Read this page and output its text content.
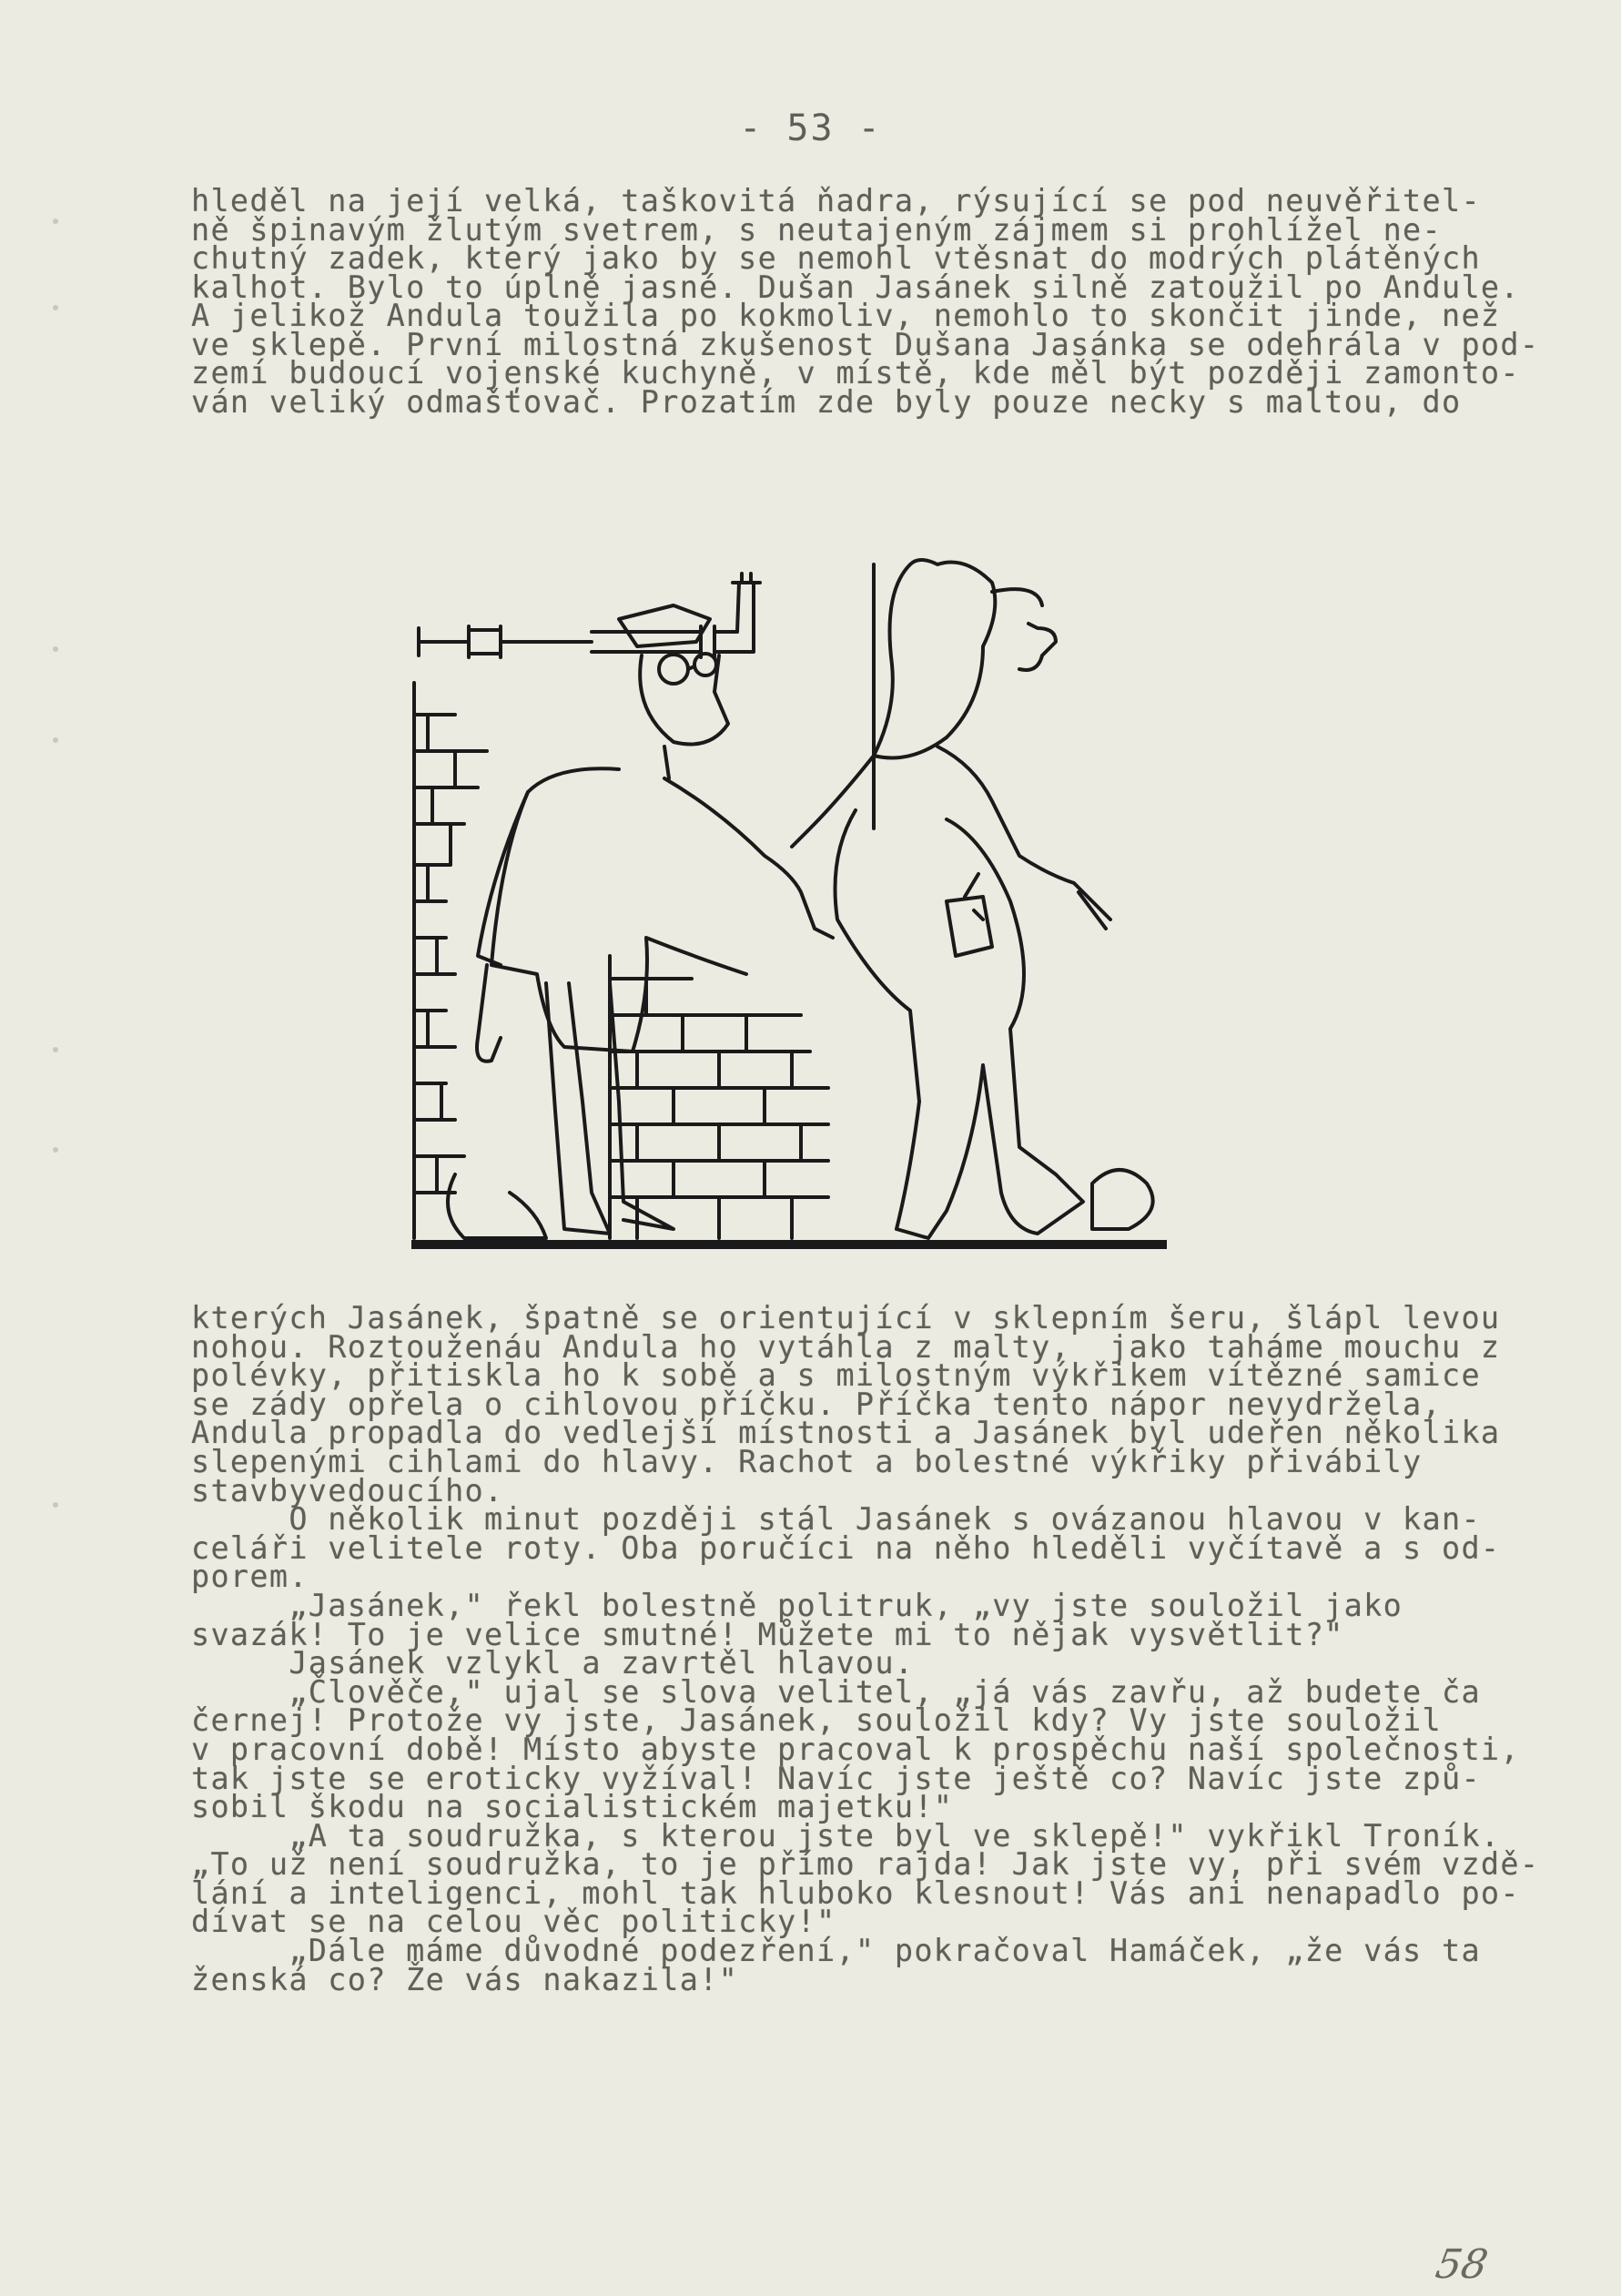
- 53 -
hleděl na její velká, taškovitá ňadra, rýsující se pod neuvěřitel-
ně špinavým žlutým svetrem, s neutajeným zájmem si prohlížel ne-
chutný zadek, který jako by se nemohl vtěsnat do modrých plátěných
kalhot. Bylo to úplně jasné. Dušan Jasánek silně zatoužil po Andule.
A jelikož Andula toužila po kokmoliv, nemohlo to skončit jinde, než
ve sklepě. První milostná zkušenost Dušana Jasánka se odehrála v pod-
zemí budoucí vojenské kuchyně, v místě, kde měl být později zamonto-
ván veliký odmašťovač. Prozatím zde byly pouze necky s maltou, do
kterých Jasánek, špatně se orientující v sklepním šeru, šlápl levou
nohou. Roztouženáu Andula ho vytáhla z malty,  jako taháme mouchu z
polévky, přitiskla ho k sobě a s milostným výkřikem vítězné samice
se zády opřela o cihlovou příčku. Příčka tento nápor nevydržela,
Andula propadla do vedlejší místnosti a Jasánek byl udeřen několika
slepenými cihlami do hlavy. Rachot a bolestné výkřiky přivábily
stavbyvedoucího.
O několik minut později stál Jasánek s ovázanou hlavou v kan-
celáři velitele roty. Oba poručíci na něho hleděli vyčítavě a s od-
porem.
„Jasánek," řekl bolestně politruk, „vy jste souložil jako
svazák! To je velice smutné! Můžete mi to nějak vysvětlit?"
Jasánek vzlykl a zavrtěl hlavou.
„Člověče," ujal se slova velitel, „já vás zavřu, až budete ča
černej! Protože vy jste, Jasánek, souložil kdy? Vy jste souložil
v pracovní době! Místo abyste pracoval k prospěchu naší společnosti,
tak jste se eroticky vyžíval! Navíc jste ještě co? Navíc jste způ-
sobil škodu na socialistickém majetku!"
„A ta soudružka, s kterou jste byl ve sklepě!" vykřikl Troník.
„To už není soudružka, to je přímo rajda! Jak jste vy, při svém vzdě-
lání a inteligenci, mohl tak hluboko klesnout! Vás ani nenapadlo po-
dívat se na celou věc politicky!"
„Dále máme důvodné podezření," pokračoval Hamáček, „že vás ta
ženská co? Že vás nakazila!"
58
